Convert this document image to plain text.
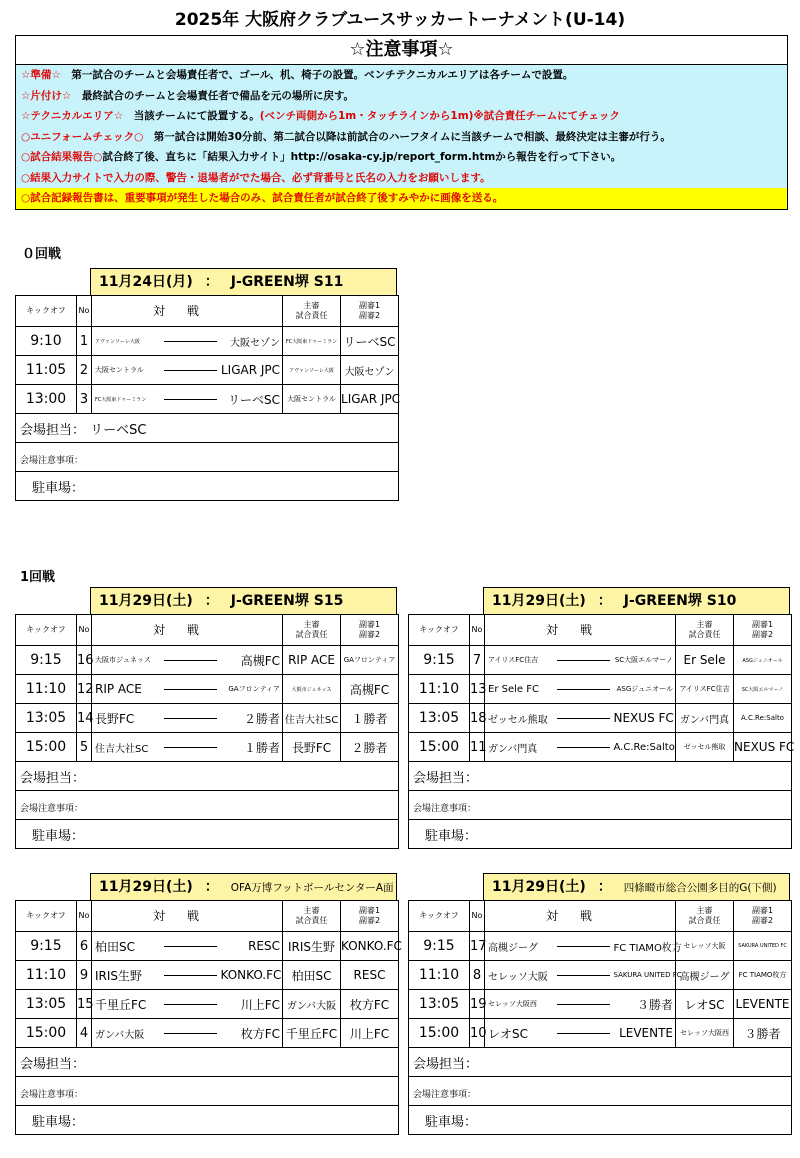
2025年 大阪府クラブユースサッカートーナメント(U-14)
☆注意事項☆
☆準備☆　第一試合のチームと会場責任者で、ゴール、机、椅子の設置。ベンチテクニカルエリアは各チームで設置。
☆片付け☆　最終試合のチームと会場責任者で備品を元の場所に戻す。
☆テクニカルエリア☆　当該チームにて設置する。(ベンチ両側から1m・タッチラインから1m)※試合責任チームにてチェック
○ユニフォームチェック○　第一試合は開始30分前、第二試合以降は前試合のハーフタイムに当該チームで相談、最終決定は主審が行う。
○試合結果報告○試合終了後、直ちに「結果入力サイト」http://osaka-cy.jp/report_form.htmから報告を行って下さい。
○結果入力サイトで入力の際、警告・退場者がでた場合、必ず背番号と氏名の入力をお願いします。
○試合記録報告書は、重要事項が発生した場合のみ、試合責任者が試合終了後すみやかに画像を送る。
０回戦
1回戦
11月24日(月) ： J-GREEN堺 S11
キックオフ	No	対戦			主審
試合責任	副審1
副審2
9:10	1	アヴァンソーレ大阪		大阪セゾン	FC大阪東ドゥーミラン	リーベSC
11:05	2	大阪セントラル		LIGAR JPC	アヴァンソーレ大阪	大阪セゾン
13:00	3	FC大阪東ドゥーミラン		リーベSC	大阪セントラル	LIGAR JPC
会場担当： リーベSC						
会場注意事項：						
駐車場：						
11月29日(土) ： J-GREEN堺 S15
キックオフ	No	対戦			主審
試合責任	副審1
副審2
9:15	16	大阪市ジュネッス		高槻FC	RIP ACE	GAフロンティア
11:10	12	RIP ACE		GAフロンティア	大阪市ジュネッス	高槻FC
13:05	14	長野FC		２勝者	住吉大社SC	１勝者
15:00	5	住吉大社SC		１勝者	長野FC	２勝者
会場担当：						
会場注意事項：						
駐車場：						
11月29日(土) ： J-GREEN堺 S10
キックオフ	No	対戦			主審
試合責任	副審1
副審2
9:15	7	アイリスFC住吉		SC大阪エルマーノ	Er Sele	ASGジュニオール
11:10	13	Er Sele FC		ASGジュニオール	アイリスFC住吉	SC大阪エルマーノ
13:05	18	ゼッセル熊取		NEXUS FC	ガンバ門真	A.C.Re:Salto
15:00	11	ガンバ門真		A.C.Re:Salto	ゼッセル熊取	NEXUS FC
会場担当：						
会場注意事項：						
駐車場：						
11月29日(土) ： OFA万博フットボールセンターA面
キックオフ	No	対戦			主審
試合責任	副審1
副審2
9:15	6	柏田SC		RESC	IRIS生野	KONKO.FC
11:10	9	IRIS生野		KONKO.FC	柏田SC	RESC
13:05	15	千里丘FC		川上FC	ガンバ大阪	枚方FC
15:00	4	ガンバ大阪		枚方FC	千里丘FC	川上FC
会場担当：						
会場注意事項：						
駐車場：						
11月29日(土) ： 四條畷市総合公園多目的G(下側)
キックオフ	No	対戦			主審
試合責任	副審1
副審2
9:15	17	高槻ジーグ		FC TIAMO枚方	セレッソ大阪	SAKURA UNITED FC
11:10	8	セレッソ大阪		SAKURA UNITED FC	高槻ジーグ	FC TIAMO枚方
13:05	19	セレッソ大阪西		３勝者	レオSC	LEVENTE
15:00	10	レオSC		LEVENTE	セレッソ大阪西	３勝者
会場担当：						
会場注意事項：						
駐車場：						
